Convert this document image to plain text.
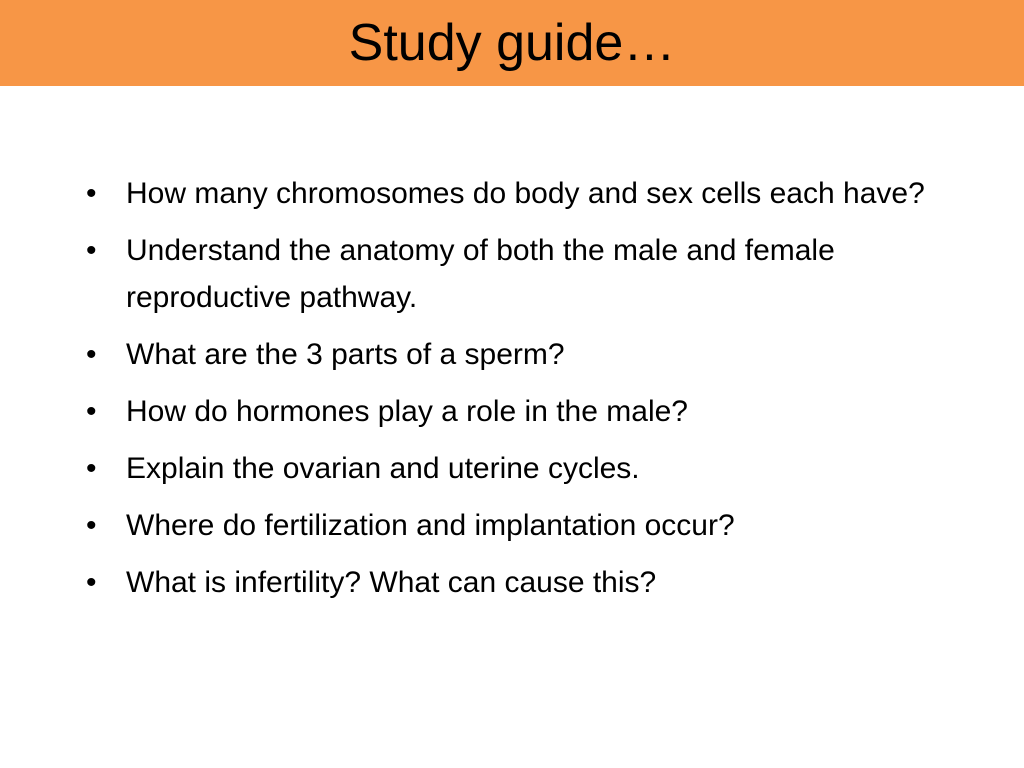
Study guide…
• How many chromosomes do body and sex cells each have?
• Understand the anatomy of both the male and female reproductive pathway.
• What are the 3 parts of a sperm?
• How do hormones play a role in the male?
• Explain the ovarian and uterine cycles.
• Where do fertilization and implantation occur?
• What is infertility? What can cause this?
